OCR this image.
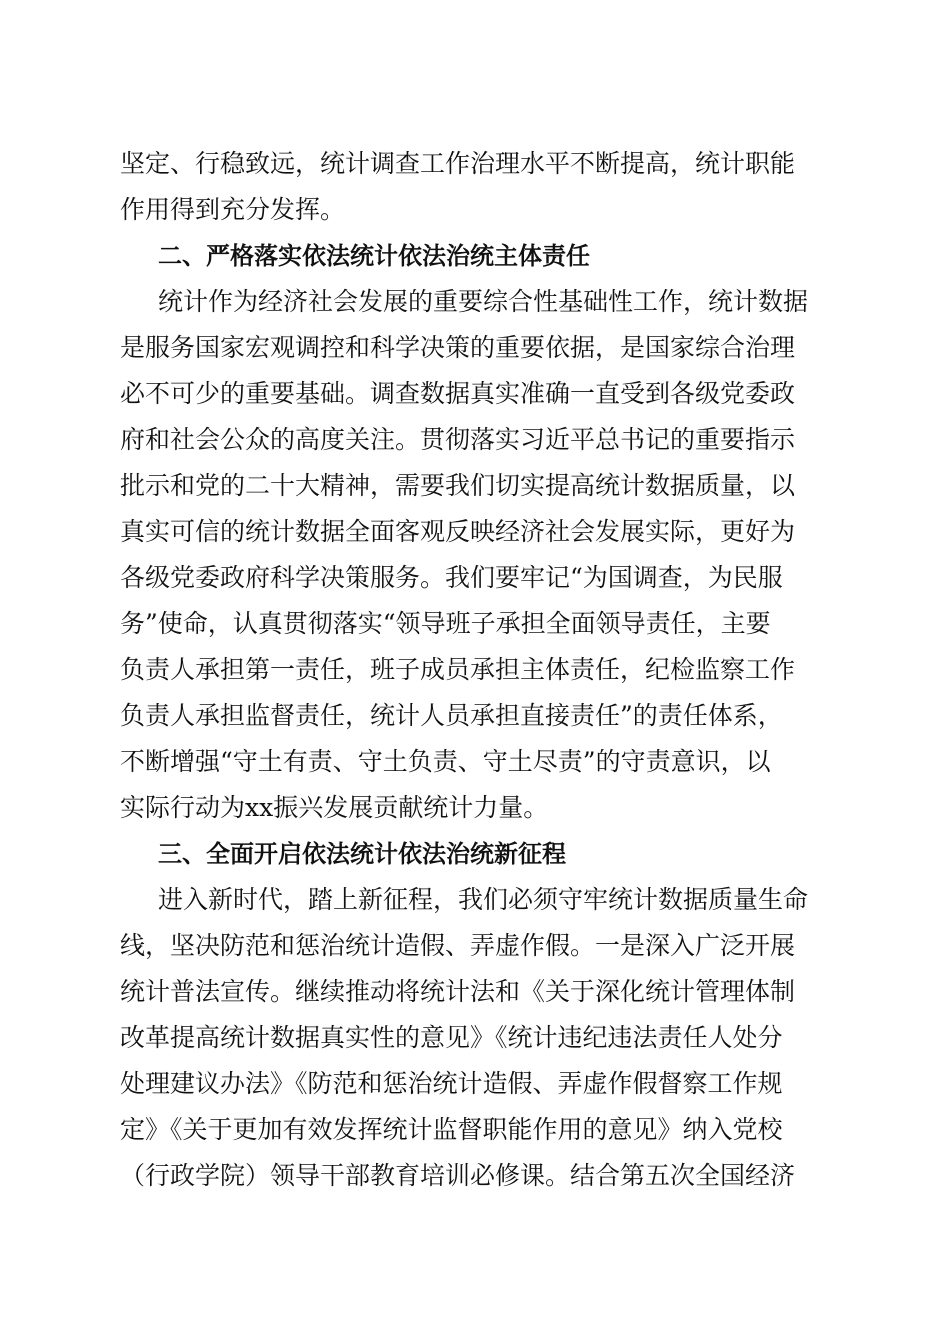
坚定、行稳致远，统计调查工作治理水平不断提高，统计职能
作用得到充分发挥。
二、严格落实依法统计依法治统主体责任
统计作为经济社会发展的重要综合性基础性工作，统计数据
是服务国家宏观调控和科学决策的重要依据，是国家综合治理
必不可少的重要基础。调查数据真实准确一直受到各级党委政
府和社会公众的高度关注。贯彻落实习近平总书记的重要指示
批示和党的二十大精神，需要我们切实提高统计数据质量，以
真实可信的统计数据全面客观反映经济社会发展实际，更好为
各级党委政府科学决策服务。我们要牢记“为国调查，为民服
务”使命，认真贯彻落实“领导班子承担全面领导责任，主要
负责人承担第一责任，班子成员承担主体责任，纪检监察工作
负责人承担监督责任，统计人员承担直接责任”的责任体系，
不断增强“守土有责、守土负责、守土尽责”的守责意识，以
实际行动为xx振兴发展贡献统计力量。
三、全面开启依法统计依法治统新征程
进入新时代，踏上新征程，我们必须守牢统计数据质量生命
线，坚决防范和惩治统计造假、弄虚作假。一是深入广泛开展
统计普法宣传。继续推动将统计法和《关于深化统计管理体制
改革提高统计数据真实性的意见》《统计违纪违法责任人处分
处理建议办法》《防范和惩治统计造假、弄虚作假督察工作规
定》《关于更加有效发挥统计监督职能作用的意见》纳入党校
（行政学院）领导干部教育培训必修课。结合第五次全国经济
